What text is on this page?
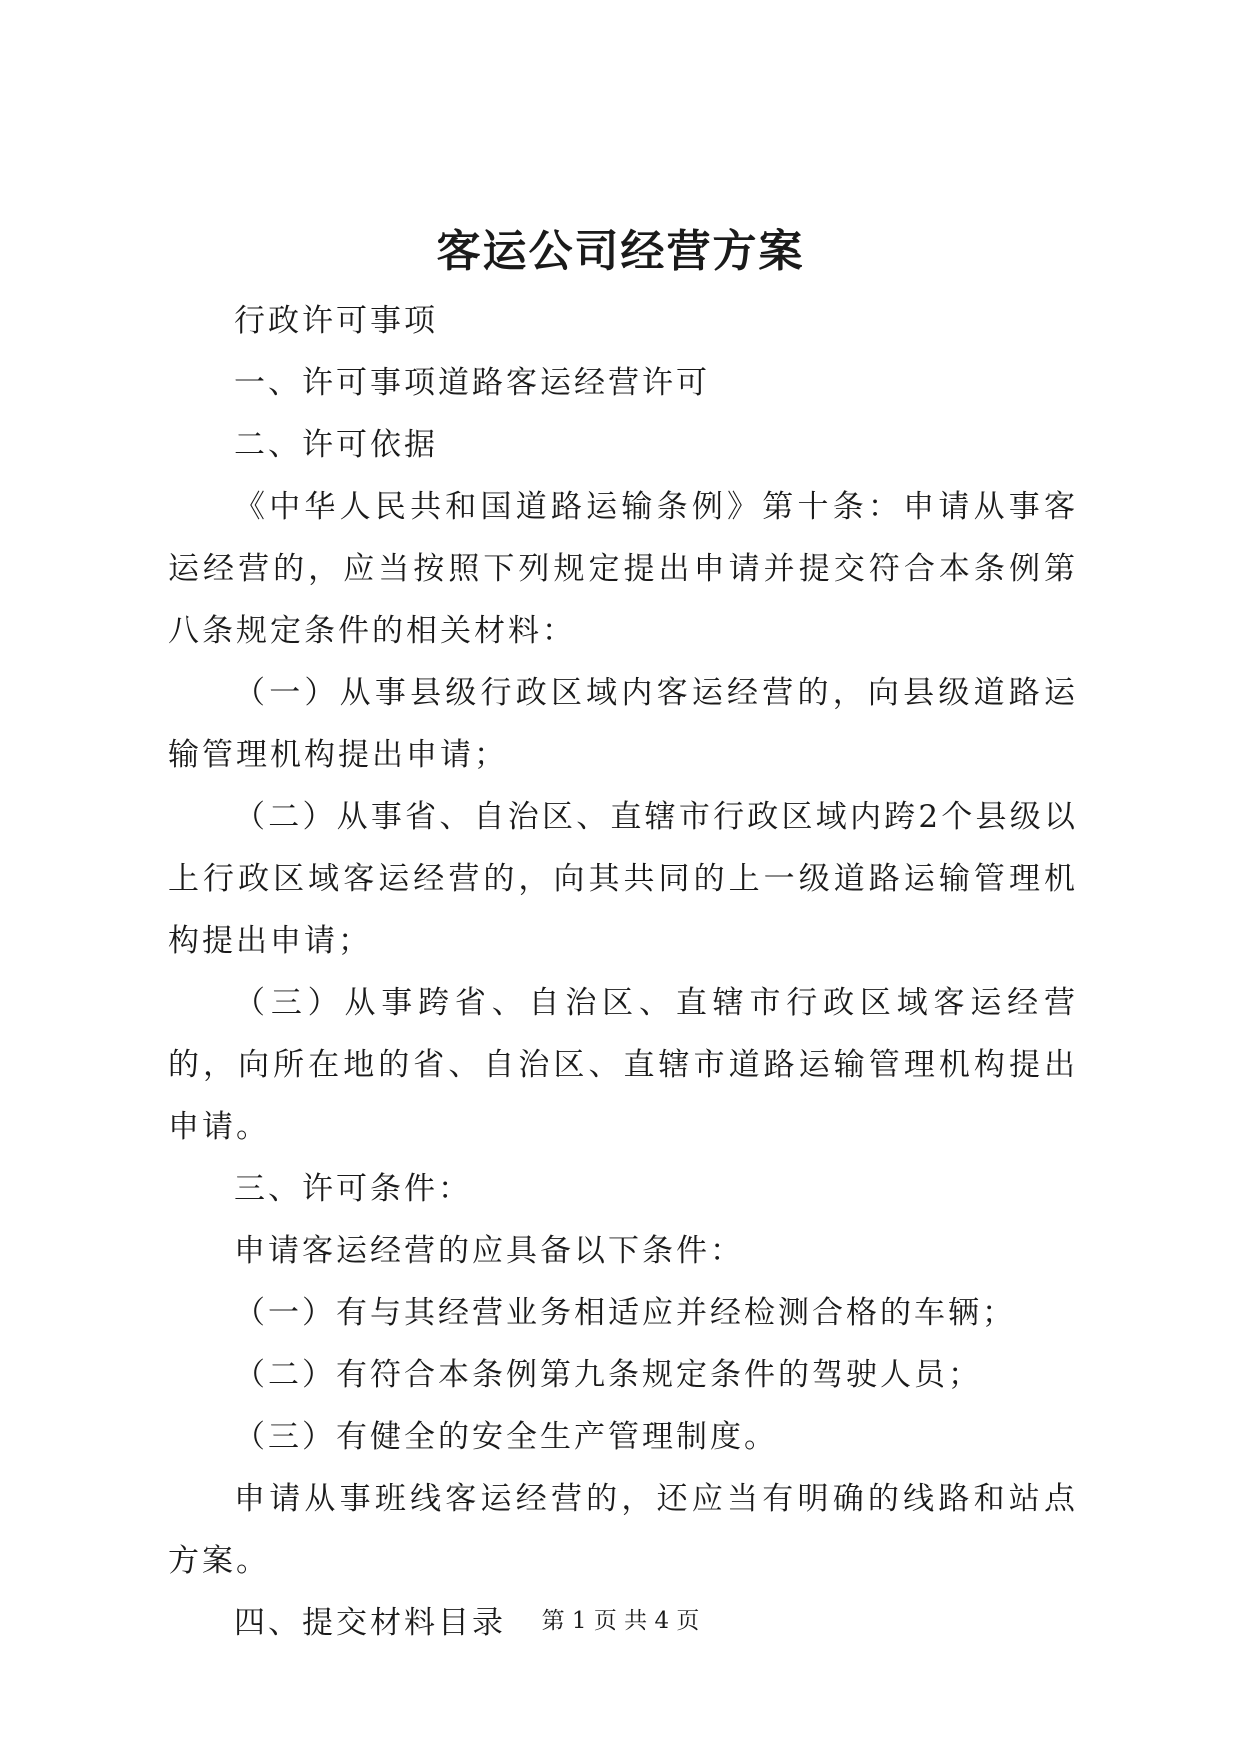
客运公司经营方案

行政许可事项

一、许可事项道路客运经营许可

二、许可依据

《中华人民共和国道路运输条例》第十条：申请从事客运经营的，应当按照下列规定提出申请并提交符合本条例第八条规定条件的相关材料：

（一）从事县级行政区域内客运经营的，向县级道路运输管理机构提出申请；

（二）从事省、自治区、直辖市行政区域内跨2个县级以上行政区域客运经营的，向其共同的上一级道路运输管理机构提出申请；

（三）从事跨省、自治区、直辖市行政区域客运经营的，向所在地的省、自治区、直辖市道路运输管理机构提出申请。

三、许可条件：

申请客运经营的应具备以下条件：

（一）有与其经营业务相适应并经检测合格的车辆；

（二）有符合本条例第九条规定条件的驾驶人员；

（三）有健全的安全生产管理制度。

申请从事班线客运经营的，还应当有明确的线路和站点方案。

四、提交材料目录	第 1 页 共 4 页
